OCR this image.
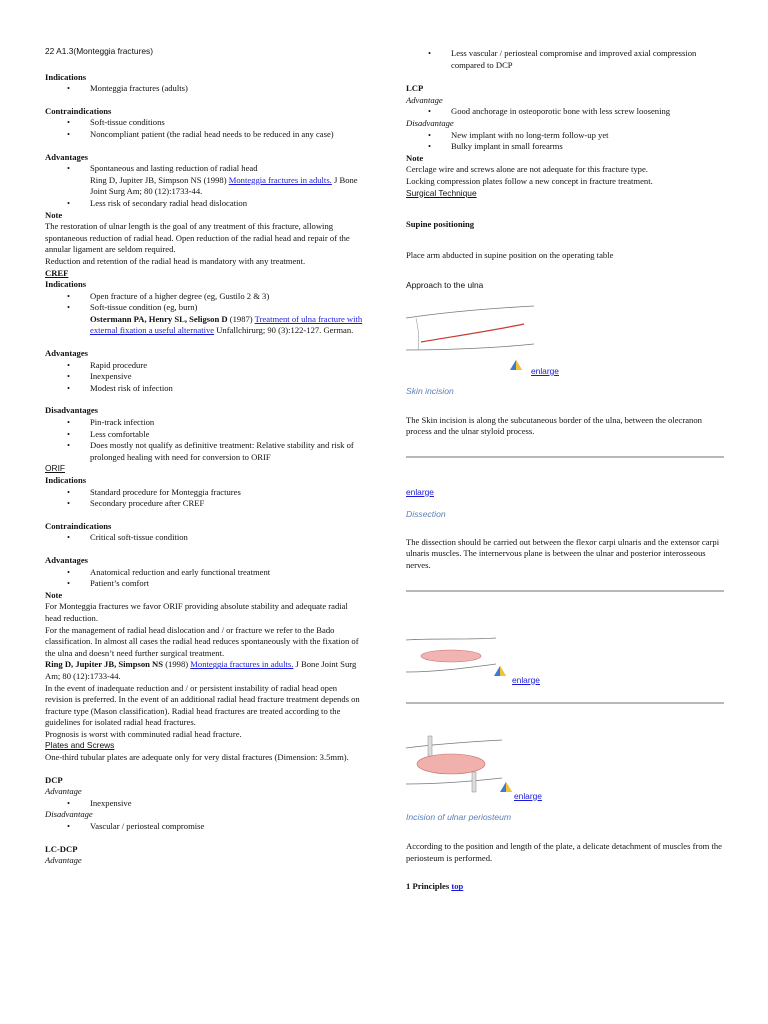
22 A1.3(Monteggia fractures)

Indications

• Monteggia fractures (adults)

Contraindications

• Soft-tissue conditions

• Noncompliant patient (the radial head needs to be reduced in any case)

Advantages

• Spontaneous and lasting reduction of radial head

Ring D, Jupiter JB, Simpson NS (1998) Monteggia fractures in adults. J Bone Joint Surg Am; 80 (12):1733-44.

• Less risk of secondary radial head dislocation

Note

The restoration of ulnar length is the goal of any treatment of this fracture, allowing spontaneous reduction of radial head. Open reduction of the radial head and repair of the annular ligament are seldom required.

Reduction and retention of the radial head is mandatory with any treatment.

CREF

Indications

• Open fracture of a higher degree (eg, Gustilo 2 & 3)

• Soft-tissue condition (eg, burn)

Ostermann PA, Henry SL, Seligson D (1987) Treatment of ulna fracture with external fixation a useful alternative Unfallchirurg; 90 (3):122-127. German.

Advantages

• Rapid procedure

• Inexpensive

• Modest risk of infection

Disadvantages

• Pin-track infection

• Less comfortable

• Does mostly not qualify as definitive treatment: Relative stability and risk of prolonged healing with need for conversion to ORIF

ORIF

Indications

• Standard procedure for Monteggia fractures

• Secondary procedure after CREF

Contraindications

• Critical soft-tissue condition

Advantages

• Anatomical reduction and early functional treatment

• Patient’s comfort

Note

For Monteggia fractures we favor ORIF providing absolute stability and adequate radial head reduction.

For the management of radial head dislocation and / or fracture we refer to the Bado classification. In almost all cases the radial head reduces spontaneously with the fixation of the ulna and doesn’t need further surgical treatment.

Ring D, Jupiter JB, Simpson NS (1998) Monteggia fractures in adults. J Bone Joint Surg Am; 80 (12):1733-44.

In the event of inadequate reduction and / or persistent instability of radial head open revision is preferred. In the event of an additional radial head fracture treatment depends on fracture type (Mason classification). Radial head fractures are treated according to the guidelines for isolated radial head fractures.

Prognosis is worst with comminuted radial head fracture.

Plates and Screws

One-third tubular plates are adequate only for very distal fractures (Dimension: 3.5mm).

DCP

Advantage

• Inexpensive

Disadvantage

• Vascular / periosteal compromise

LC-DCP

Advantage

• Less vascular / periosteal compromise and improved axial compression compared to DCP

LCP

Advantage

• Good anchorage in osteoporotic bone with less screw loosening

Disadvantage

• New implant with no long-term follow-up yet

• Bulky implant in small forearms

Note

Cerclage wire and screws alone are not adequate for this fracture type.

Locking compression plates follow a new concept in fracture treatment.

Surgical Technique

Supine positioning

Place arm abducted in supine position on the operating table

Approach to the ulna

enlarge

Skin incision

The Skin incision is along the subcutaneous border of the ulna, between the olecranon process and the ulnar styloid process.

enlarge

Dissection

The dissection should be carried out between the flexor carpi ulnaris and the extensor carpi ulnaris muscles. The internervous plane is between the ulnar and posterior interosseous nerves.

enlarge
enlarge

Incision of ulnar periosteum

According to the position and length of the plate, a delicate detachment of muscles from the periosteum is performed.

1 Principles top
